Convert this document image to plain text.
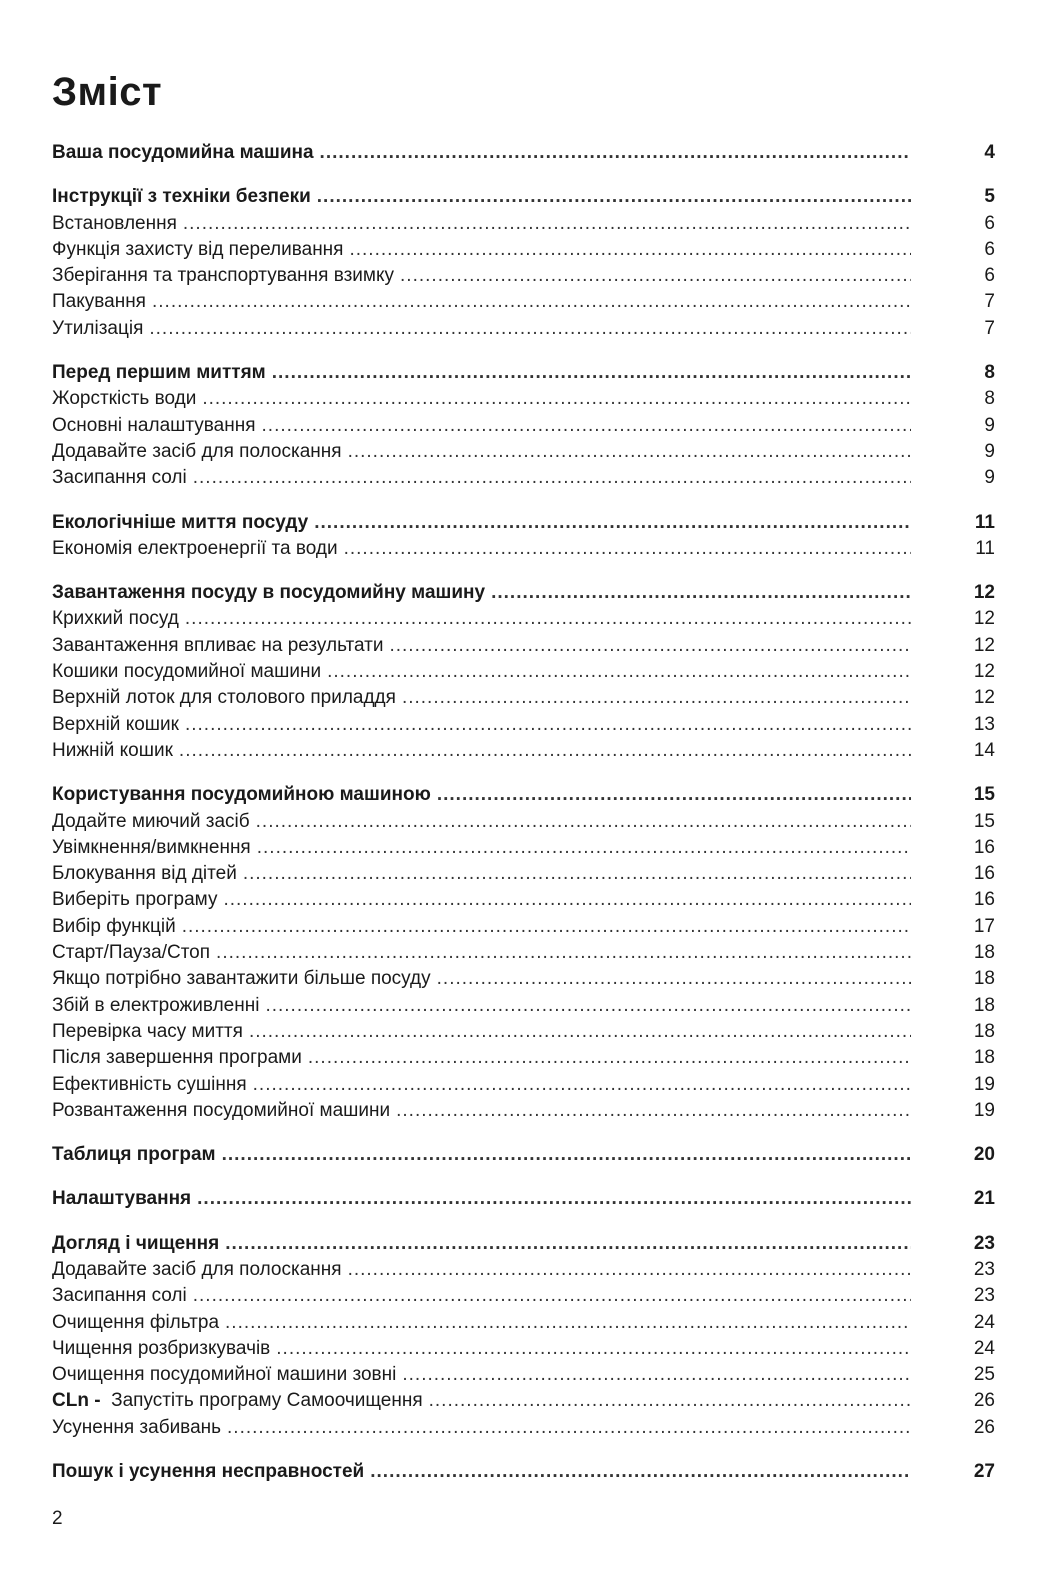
Зміст
Ваша посудомийна машина .....	4
Інструкції з техніки безпеки .....	5
Встановлення .....	6
Функція захисту від переливання .....	6
Зберігання та транспортування взимку .....	6
Пакування .....	7
Утилізація .....	7
Перед першим миттям .....	8
Жорсткість води .....	8
Основні налаштування .....	9
Додавайте засіб для полоскання .....	9
Засипання солі .....	9
Екологічніше миття посуду .....	11
Економія електроенергії та води .....	11
Завантаження посуду в посудомийну машину .....	12
Крихкий посуд .....	12
Завантаження впливає на результати .....	12
Кошики посудомийної машини .....	12
Верхній лоток для столового приладдя .....	12
Верхній кошик .....	13
Нижній кошик .....	14
Користування посудомийною машиною .....	15
Додайте миючий засіб .....	15
Увімкнення/вимкнення .....	16
Блокування від дітей .....	16
Виберіть програму .....	16
Вибір функцій .....	17
Старт/Пауза/Стоп .....	18
Якщо потрібно завантажити більше посуду .....	18
Збій в електроживленні .....	18
Перевірка часу миття .....	18
Після завершення програми .....	18
Ефективність сушіння .....	19
Розвантаження посудомийної машини .....	19
Таблиця програм .....	20
Налаштування .....	21
Догляд і чищення .....	23
Додавайте засіб для полоскання .....	23
Засипання солі .....	23
Очищення фільтра .....	24
Чищення розбризкувачів .....	24
Очищення посудомийної машини зовні .....	25
CLn - Запустіть програму Самоочищення .....	26
Усунення забивань .....	26
Пошук і усунення несправностей .....	27
2
